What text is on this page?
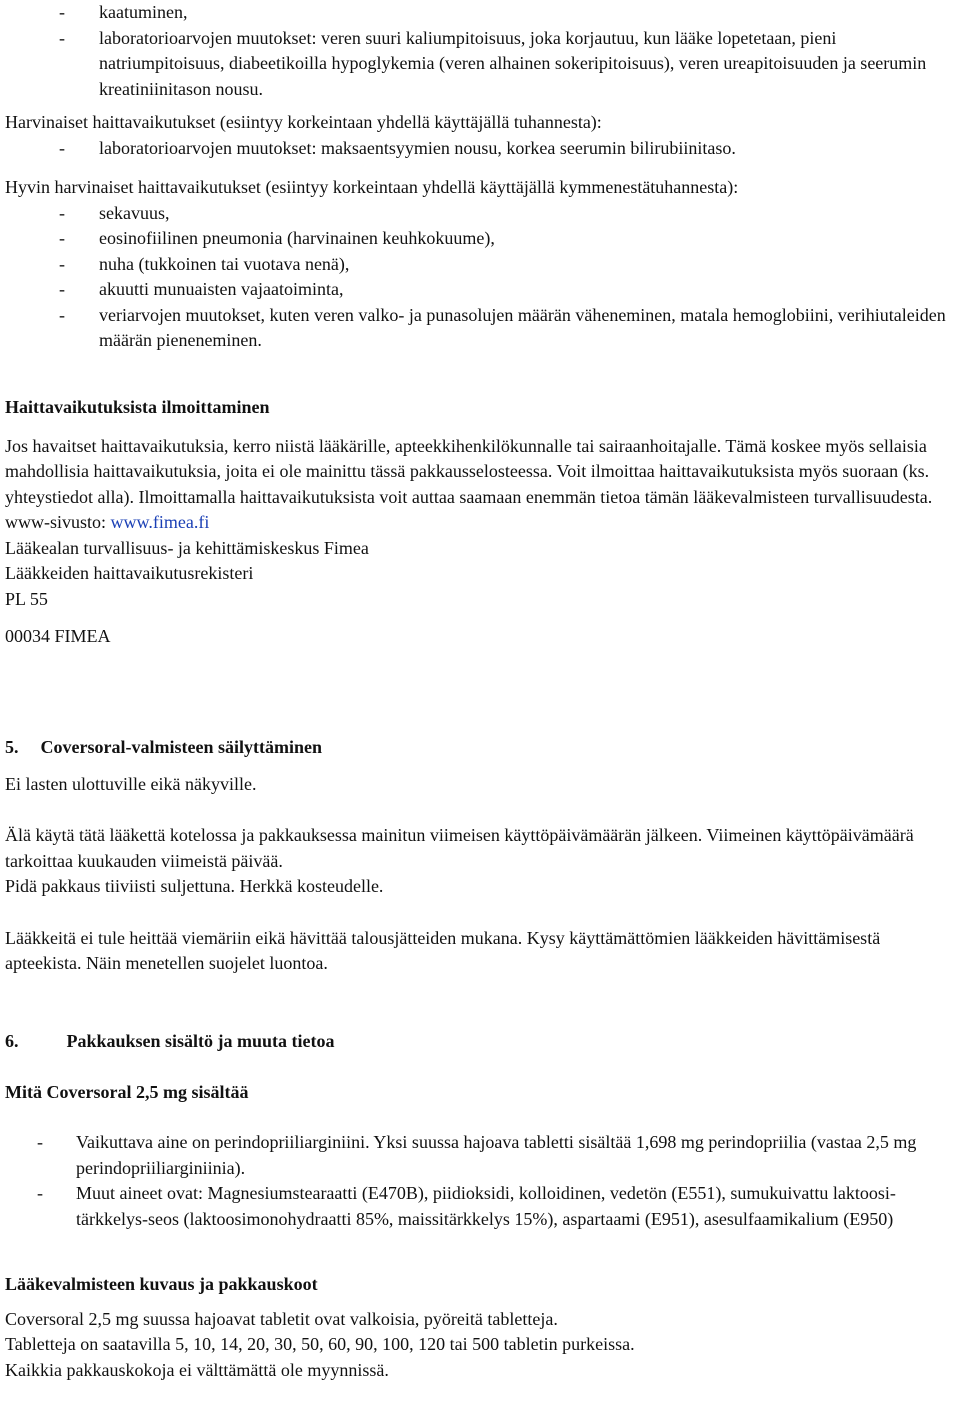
- kaatuminen,
- laboratorioarvojen muutokset: veren suuri kaliumpitoisuus, joka korjautuu, kun lääke lopetetaan, pieni natriumpitoisuus, diabeetikoilla hypoglykemia (veren alhainen sokeripitoisuus), veren ureapitoisuuden ja seerumin kreatiniinitason nousu.

Harvinaiset haittavaikutukset (esiintyy korkeintaan yhdellä käyttäjällä tuhannesta):

- laboratorioarvojen muutokset: maksaentsyymien nousu, korkea seerumin bilirubiinitaso.

Hyvin harvinaiset haittavaikutukset (esiintyy korkeintaan yhdellä käyttäjällä kymmenestätuhannesta):

- sekavuus,
- eosinofiilinen pneumonia (harvinainen keuhkokuume),
- nuha (tukkoinen tai vuotava nenä),
- akuutti munuaisten vajaatoiminta,
- veriarvojen muutokset, kuten veren valko- ja punasolujen määrän väheneminen, matala hemoglobiini, verihiutaleiden määrän pieneneminen.
Haittavaikutuksista ilmoittaminen

Jos havaitset haittavaikutuksia, kerro niistä lääkärille, apteekkihenkilökunnalle tai sairaanhoitajalle. Tämä koskee myös sellaisia mahdollisia haittavaikutuksia, joita ei ole mainittu tässä pakkausselosteessa. Voit ilmoittaa haittavaikutuksista myös suoraan (ks. yhteystiedot alla). Ilmoittamalla haittavaikutuksista voit auttaa saamaan enemmän tietoa tämän lääkevalmisteen turvallisuudesta.

www-sivusto: www.fimea.fi

Lääkealan turvallisuus- ja kehittämiskeskus Fimea

Lääkkeiden haittavaikutusrekisteri

PL 55

00034 FIMEA

5. Coversoral-valmisteen säilyttäminen

Ei lasten ulottuville eikä näkyville.

Älä käytä tätä lääkettä kotelossa ja pakkauksessa mainitun viimeisen käyttöpäivämäärän jälkeen. Viimeinen käyttöpäivämäärä tarkoittaa kuukauden viimeistä päivää.

Pidä pakkaus tiiviisti suljettuna. Herkkä kosteudelle.

Lääkkeitä ei tule heittää viemäriin eikä hävittää talousjätteiden mukana. Kysy käyttämättömien lääkkeiden hävittämisestä apteekista. Näin menetellen suojelet luontoa.

6.	Pakkauksen sisältö ja muuta tietoa
Mitä Coversoral 2,5 mg sisältää
- Vaikuttava aine on perindopriiliarginiini. Yksi suussa hajoava tabletti sisältää 1,698 mg perindopriilia (vastaa 2,5 mg perindopriiliarginiinia).
- Muut aineet ovat: Magnesiumstearaatti (E470B), piidioksidi, kolloidinen, vedetön (E551), sumukuivattu laktoosi-tärkkelys-seos (laktoosimonohydraatti 85%, maissitärkkelys 15%), aspartaami (E951), asesulfaamikalium (E950)
Lääkevalmisteen kuvaus ja pakkauskoot

Coversoral 2,5 mg suussa hajoavat tabletit ovat valkoisia, pyöreitä tabletteja.

Tabletteja on saatavilla 5, 10, 14, 20, 30, 50, 60, 90, 100, 120 tai 500 tabletin purkeissa.

Kaikkia pakkauskokoja ei välttämättä ole myynnissä.
